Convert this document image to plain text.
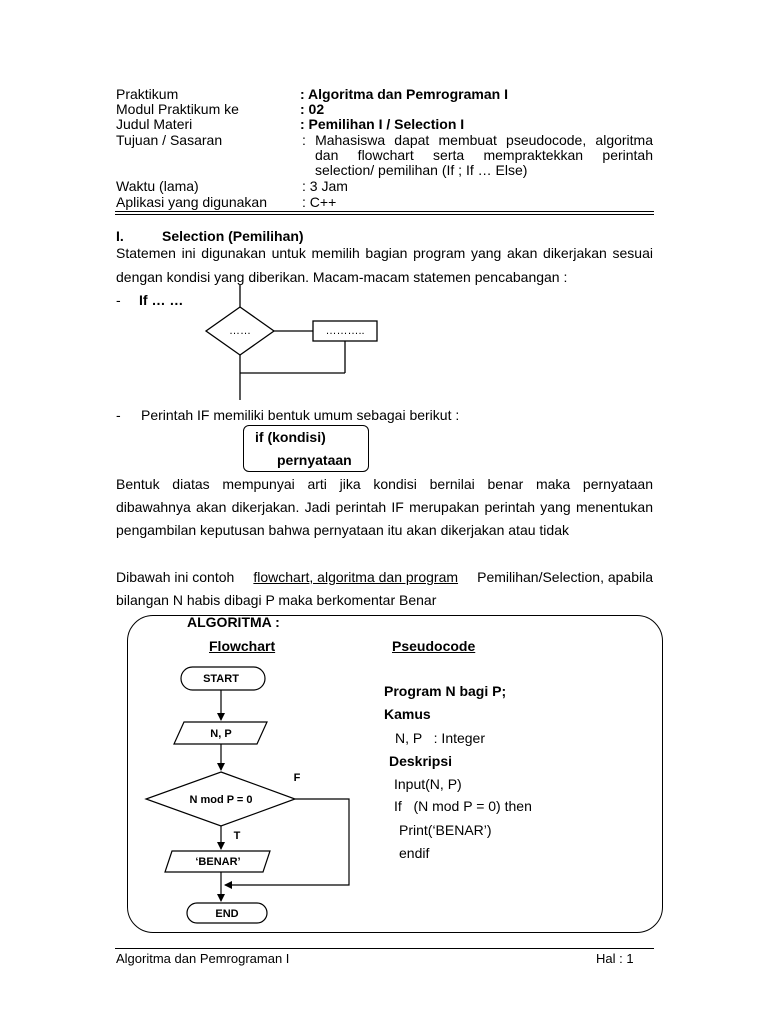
Praktikum	: Algoritma dan Pemrograman I
Modul Praktikum ke	: 02
Judul Materi	: Pemilihan I / Selection I
Tujuan / Sasaran	: Mahasiswa dapat membuat pseudocode, algoritma
dan flowchart serta mempraktekkan perintah
selection/ pemilihan (If ; If … Else)
Waktu (lama)	: 3 Jam
Aplikasi yang digunakan	: C++
I.	Selection (Pemilihan)
Statemen ini digunakan untuk memilih bagian program yang akan dikerjakan sesuai
dengan kondisi yang diberikan. Macam-macam statemen pencabangan :
- If … …
……	………..
- Perintah IF memiliki bentuk umum sebagai berikut :
if (kondisi)
pernyataan
Bentuk diatas mempunyai arti jika kondisi bernilai benar maka pernyataan
dibawahnya akan dikerjakan. Jadi perintah IF merupakan perintah yang menentukan
pengambilan keputusan bahwa pernyataan itu akan dikerjakan atau tidak
Dibawah ini contoh flowchart, algoritma dan program Pemilihan/Selection, apabila
bilangan N habis dibagi P maka berkomentar Benar
ALGORITMA :
Flowchart	Pseudocode
START
N, P
N mod P = 0
F
T
‘BENAR’
END
Program N bagi P;
Kamus
N, P   : Integer
Deskripsi
Input(N, P)
If   (N mod P = 0) then
Print(‘BENAR’)
endif
Algoritma dan Pemrograman I	Hal : 1
